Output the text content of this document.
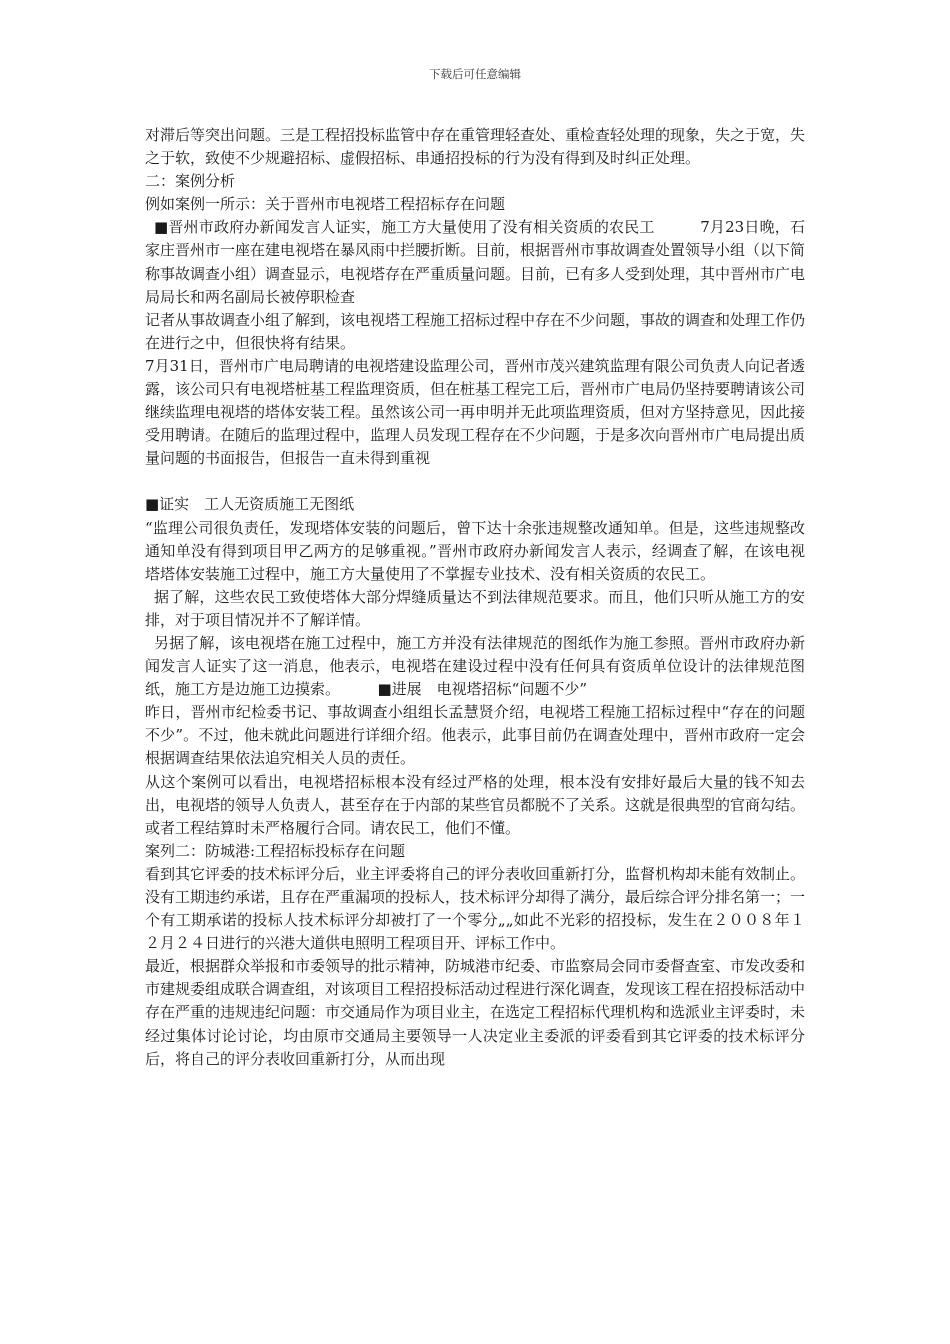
下载后可任意编辑

对滞后等突出问题。三是工程招投标监管中存在重管理轻查处、重检查轻处理的现象，失之于宽，失之于软，致使不少规避招标、虚假招标、串通招投标的行为没有得到及时纠正处理。

二：案例分析

例如案例一所示：关于晋州市电视塔工程招标存在问题

■晋州市政府办新闻发言人证实，施工方大量使用了没有相关资质的农民工　　　7月23日晚，石家庄晋州市一座在建电视塔在暴风雨中拦腰折断。目前，根据晋州市事故调查处置领导小组（以下简称事故调查小组）调查显示，电视塔存在严重质量问题。目前，已有多人受到处理，其中晋州市广电局局长和两名副局长被停职检查

记者从事故调查小组了解到，该电视塔工程施工招标过程中存在不少问题，事故的调查和处理工作仍在进行之中，但很快将有结果。

7月31日，晋州市广电局聘请的电视塔建设监理公司，晋州市茂兴建筑监理有限公司负责人向记者透露，该公司只有电视塔桩基工程监理资质，但在桩基工程完工后，晋州市广电局仍坚持要聘请该公司继续监理电视塔的塔体安装工程。虽然该公司一再申明并无此项监理资质，但对方坚持意见，因此接受用聘请。在随后的监理过程中，监理人员发现工程存在不少问题，于是多次向晋州市广电局提出质量问题的书面报告，但报告一直未得到重视

■证实　工人无资质施工无图纸

“监理公司很负责任，发现塔体安装的问题后，曾下达十余张违规整改通知单。但是，这些违规整改通知单没有得到项目甲乙两方的足够重视。”晋州市政府办新闻发言人表示，经调查了解，在该电视塔塔体安装施工过程中，施工方大量使用了不掌握专业技术、没有相关资质的农民工。

据了解，这些农民工致使塔体大部分焊缝质量达不到法律规范要求。而且，他们只听从施工方的安排，对于项目情况并不了解详情。

另据了解，该电视塔在施工过程中，施工方并没有法律规范的图纸作为施工参照。晋州市政府办新闻发言人证实了这一消息，他表示，电视塔在建设过程中没有任何具有资质单位设计的法律规范图纸，施工方是边施工边摸索。　　　■进展　电视塔招标“问题不少”

昨日，晋州市纪检委书记、事故调查小组组长孟慧贤介绍，电视塔工程施工招标过程中“存在的问题不少”。不过，他未就此问题进行详细介绍。他表示，此事目前仍在调查处理中，晋州市政府一定会根据调查结果依法追究相关人员的责任。

从这个案例可以看出，电视塔招标根本没有经过严格的处理，根本没有安排好最后大量的钱不知去出，电视塔的领导人负责人，甚至存在于内部的某些官员都脱不了关系。这就是很典型的官商勾结。或者工程结算时未严格履行合同。请农民工，他们不懂。

案列二：防城港:工程招标投标存在问题

看到其它评委的技术标评分后，业主评委将自己的评分表收回重新打分，监督机构却未能有效制止。没有工期违约承诺，且存在严重漏项的投标人，技术标评分却得了满分，最后综合评分排名第一；一个有工期承诺的投标人技术标评分却被打了一个零分„„如此不光彩的招投标，发生在２００８年１２月２４日进行的兴港大道供电照明工程项目开、评标工作中。

最近，根据群众举报和市委领导的批示精神，防城港市纪委、市监察局会同市委督查室、市发改委和市建规委组成联合调查组，对该项目工程招投标活动过程进行深化调查，发现该工程在招投标活动中存在严重的违规违纪问题：市交通局作为项目业主，在选定工程招标代理机构和选派业主评委时，未经过集体讨论讨论，均由原市交通局主要领导一人决定业主委派的评委看到其它评委的技术标评分后，将自己的评分表收回重新打分，从而出现
